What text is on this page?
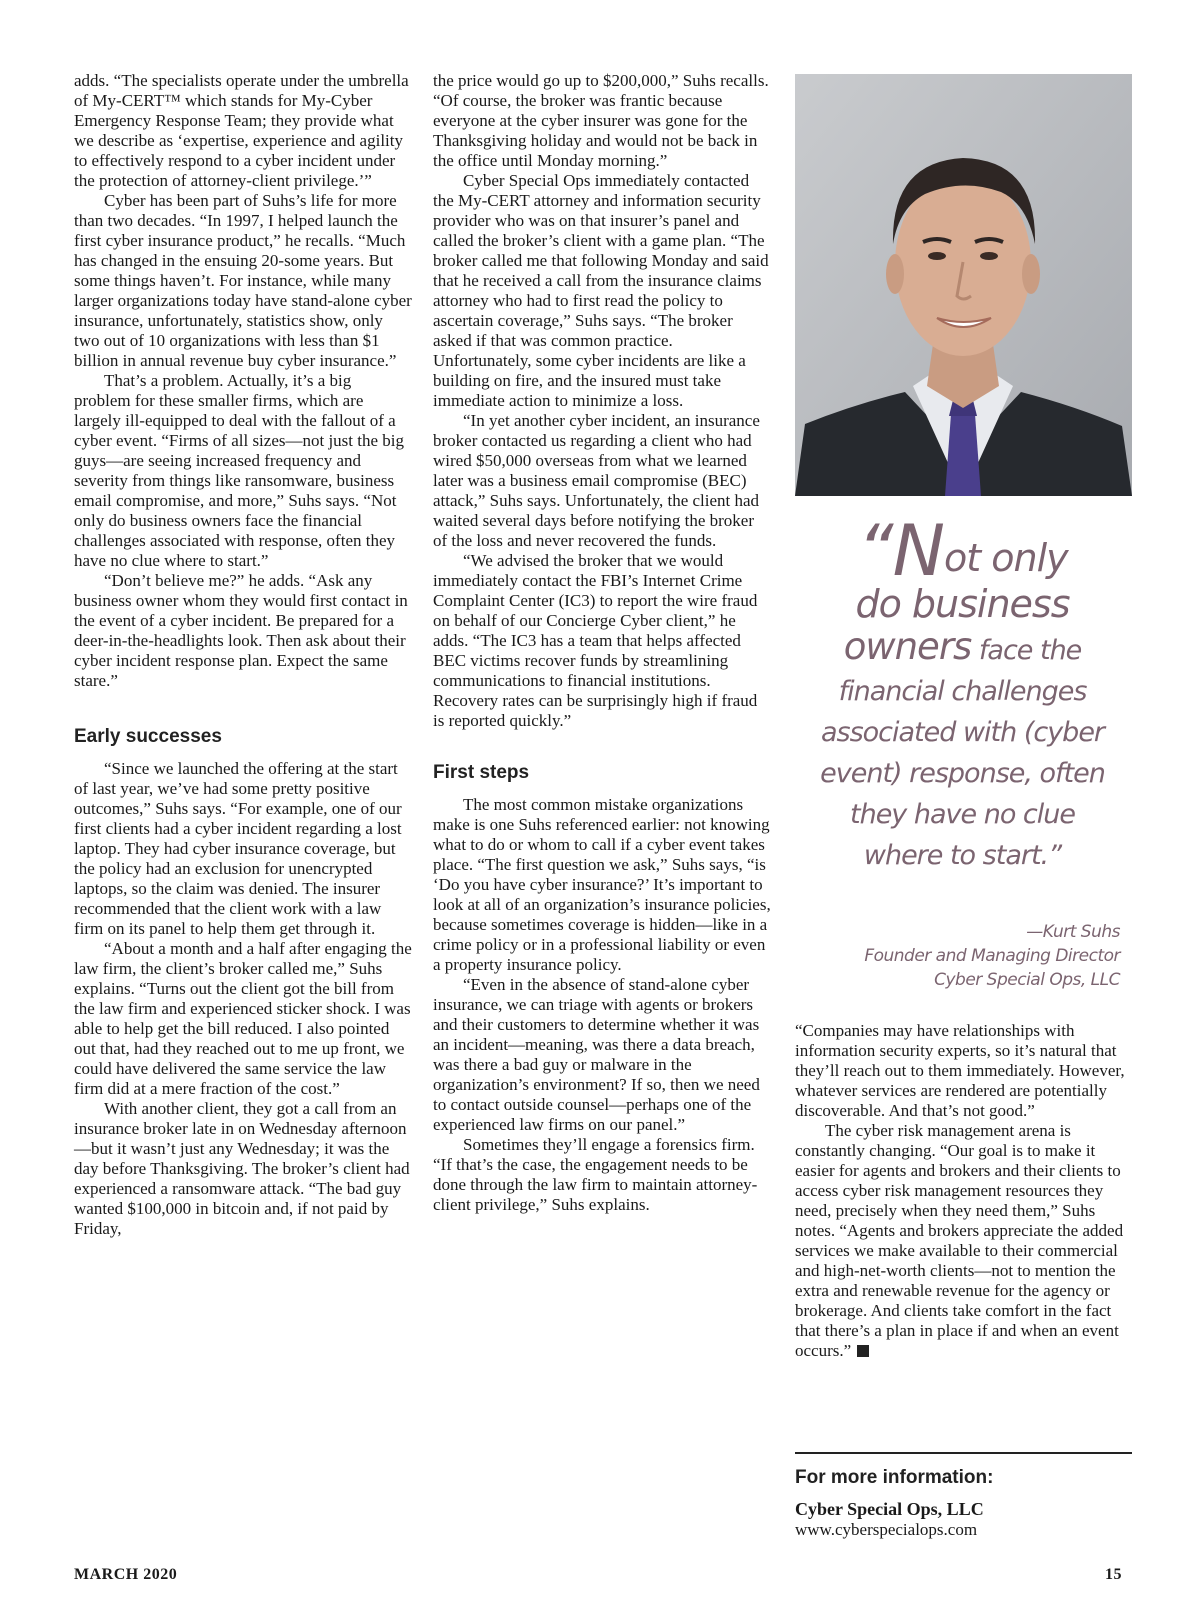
adds. “The specialists operate under the umbrella of My-CERT™ which stands for My-Cyber Emergency Response Team; they provide what we describe as ‘expertise, experience and agility to effectively respond to a cyber incident under the protection of attorney-client privilege.’”

Cyber has been part of Suhs’s life for more than two decades. “In 1997, I helped launch the first cyber insurance product,” he recalls. “Much has changed in the ensuing 20-some years. But some things haven’t. For instance, while many larger organizations today have stand-alone cyber insurance, unfortunately, statistics show, only two out of 10 organizations with less than $1 billion in annual revenue buy cyber insurance.”

That’s a problem. Actually, it’s a big problem for these smaller firms, which are largely ill-equipped to deal with the fallout of a cyber event. “Firms of all sizes—not just the big guys—are seeing increased frequency and severity from things like ransomware, business email compromise, and more,” Suhs says. “Not only do business owners face the financial challenges associated with response, often they have no clue where to start.”

“Don’t believe me?” he adds. “Ask any business owner whom they would first contact in the event of a cyber incident. Be prepared for a deer-in-the-headlights look. Then ask about their cyber incident response plan. Expect the same stare.”

Early successes

“Since we launched the offering at the start of last year, we’ve had some pretty positive outcomes,” Suhs says. “For example, one of our first clients had a cyber incident regarding a lost laptop. They had cyber insurance coverage, but the policy had an exclusion for unencrypted laptops, so the claim was denied. The insurer recommended that the client work with a law firm on its panel to help them get through it.

“About a month and a half after engaging the law firm, the client’s broker called me,” Suhs explains. “Turns out the client got the bill from the law firm and experienced sticker shock. I was able to help get the bill reduced. I also pointed out that, had they reached out to me up front, we could have delivered the same service the law firm did at a mere fraction of the cost.”

With another client, they got a call from an insurance broker late in on Wednesday afternoon—but it wasn’t just any Wednesday; it was the day before Thanksgiving. The broker’s client had experienced a ransomware attack. “The bad guy wanted $100,000 in bitcoin and, if not paid by Friday,

the price would go up to $200,000,” Suhs recalls. “Of course, the broker was frantic because everyone at the cyber insurer was gone for the Thanksgiving holiday and would not be back in the office until Monday morning.”

Cyber Special Ops immediately contacted the My-CERT attorney and information security provider who was on that insurer’s panel and called the broker’s client with a game plan. “The broker called me that following Monday and said that he received a call from the insurance claims attorney who had to first read the policy to ascertain coverage,” Suhs says. “The broker asked if that was common practice. Unfortunately, some cyber incidents are like a building on fire, and the insured must take immediate action to minimize a loss.

“In yet another cyber incident, an insurance broker contacted us regarding a client who had wired $50,000 overseas from what we learned later was a business email compromise (BEC) attack,” Suhs says. Unfortunately, the client had waited several days before notifying the broker of the loss and never recovered the funds.

“We advised the broker that we would immediately contact the FBI’s Internet Crime Complaint Center (IC3) to report the wire fraud on behalf of our Concierge Cyber client,” he adds. “The IC3 has a team that helps affected BEC victims recover funds by streamlining communications to financial institutions. Recovery rates can be surprisingly high if fraud is reported quickly.”

First steps

The most common mistake organizations make is one Suhs referenced earlier: not knowing what to do or whom to call if a cyber event takes place. “The first question we ask,” Suhs says, “is ‘Do you have cyber insurance?’ It’s important to look at all of an organization’s insurance policies, because sometimes coverage is hidden—like in a crime policy or in a professional liability or even a property insurance policy.

“Even in the absence of stand-alone cyber insurance, we can triage with agents or brokers and their customers to determine whether it was an incident—meaning, was there a data breach, was there a bad guy or malware in the organization’s environment? If so, then we need to contact outside counsel—perhaps one of the experienced law firms on our panel.”

Sometimes they’ll engage a forensics firm. “If that’s the case, the engagement needs to be done through the law firm to maintain attorney-client privilege,” Suhs explains.

“Not only
do business
owners face the
financial challenges
associated with (cyber
event) response, often
they have no clue
where to start.”
—Kurt Suhs
Founder and Managing Director
Cyber Special Ops, LLC

“Companies may have relationships with information security experts, so it’s natural that they’ll reach out to them immediately. However, whatever services are rendered are potentially discoverable. And that’s not good.”

The cyber risk management arena is constantly changing. “Our goal is to make it easier for agents and brokers and their clients to access cyber risk management resources they need, precisely when they need them,” Suhs notes. “Agents and brokers appreciate the added services we make available to their commercial and high-net-worth clients—not to mention the extra and renewable revenue for the agency or brokerage. And clients take comfort in the fact that there’s a plan in place if and when an event occurs.”

For more information:
Cyber Special Ops, LLC
www.cyberspecialops.com
MARCH 2020	15
